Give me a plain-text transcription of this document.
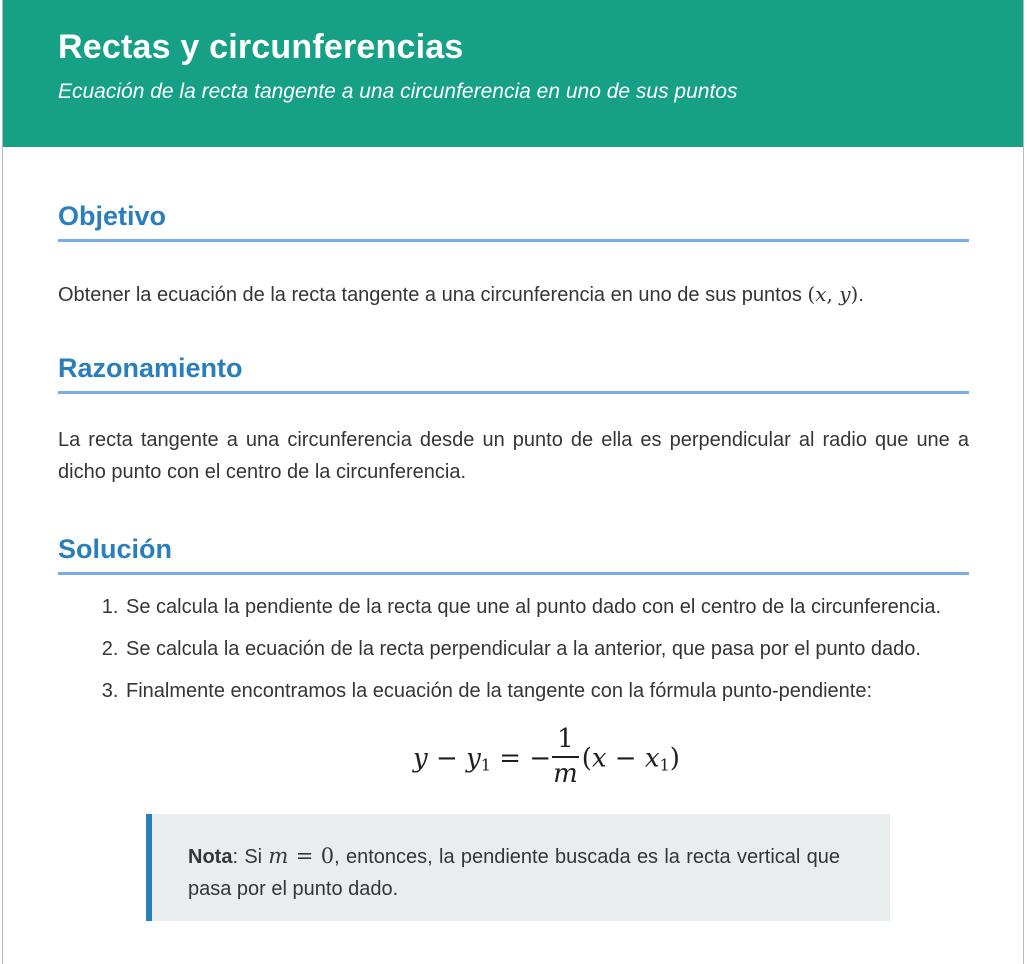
Rectas y circunferencias
Ecuación de la recta tangente a una circunferencia en uno de sus puntos
Objetivo

Obtener la ecuación de la recta tangente a una circunferencia en uno de sus puntos (x, y).

Razonamiento

La recta tangente a una circunferencia desde un punto de ella es perpendicular al radio que une a dicho punto con el centro de la circunferencia.

Solución
1. Se calcula la pendiente de la recta que une al punto dado con el centro de la circunferencia.
2. Se calcula la ecuación de la recta perpendicular a la anterior, que pasa por el punto dado.
3. Finalmente encontramos la ecuación de la tangente con la fórmula punto-pendiente:
$y - y_1$ = − $\frac{1}{m} (x - x_1)$
Nota: Si m = 0, entonces, la pendiente buscada es la recta vertical que pasa por el punto dado.
